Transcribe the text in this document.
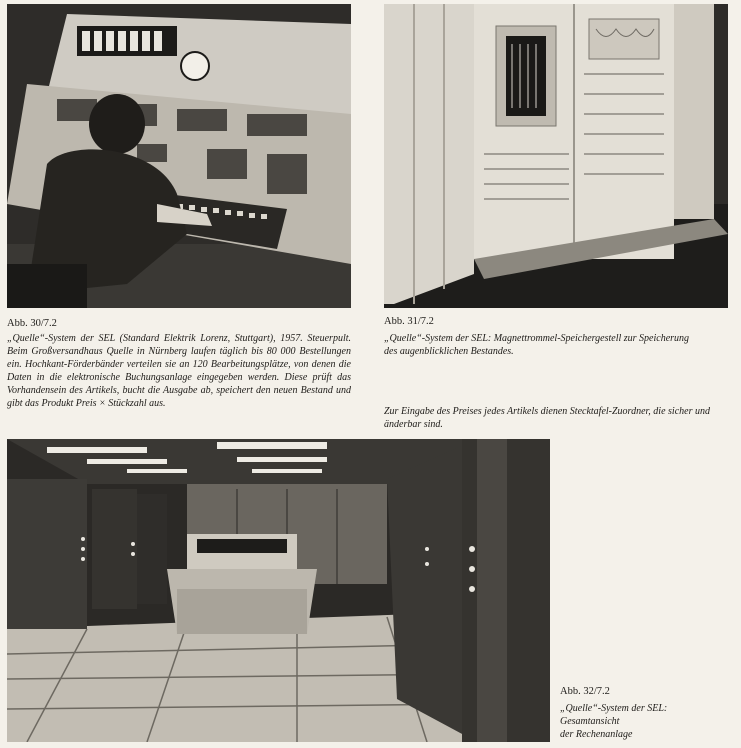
Abb. 30/7.2

„Quelle“-System der SEL (Standard Elektrik Lorenz, Stuttgart), 1957. Steuerpult. Beim Großversandhaus Quelle in Nürnberg laufen täglich bis 80 000 Bestellungen ein. Hochkant-Förderbänder verteilen sie an 120 Bearbeitungsplätze, von denen die Daten in die elektronische Buchungsanlage eingegeben werden. Diese prüft das Vorhandensein des Artikels, bucht die Ausgabe ab, speichert den neuen Bestand und gibt das Produkt Preis × Stückzahl aus.

Abb. 31/7.2

„Quelle“-System der SEL: Magnettrommel-Speichergestell zur Speicherung des augenblicklichen Bestandes.

Zur Eingabe des Preises jedes Artikels dienen Stecktafel-Zuordner, die sicher und änderbar sind.

Abb. 32/7.2

„Quelle“-System der SEL:
Gesamtansicht
der Rechenanlage
